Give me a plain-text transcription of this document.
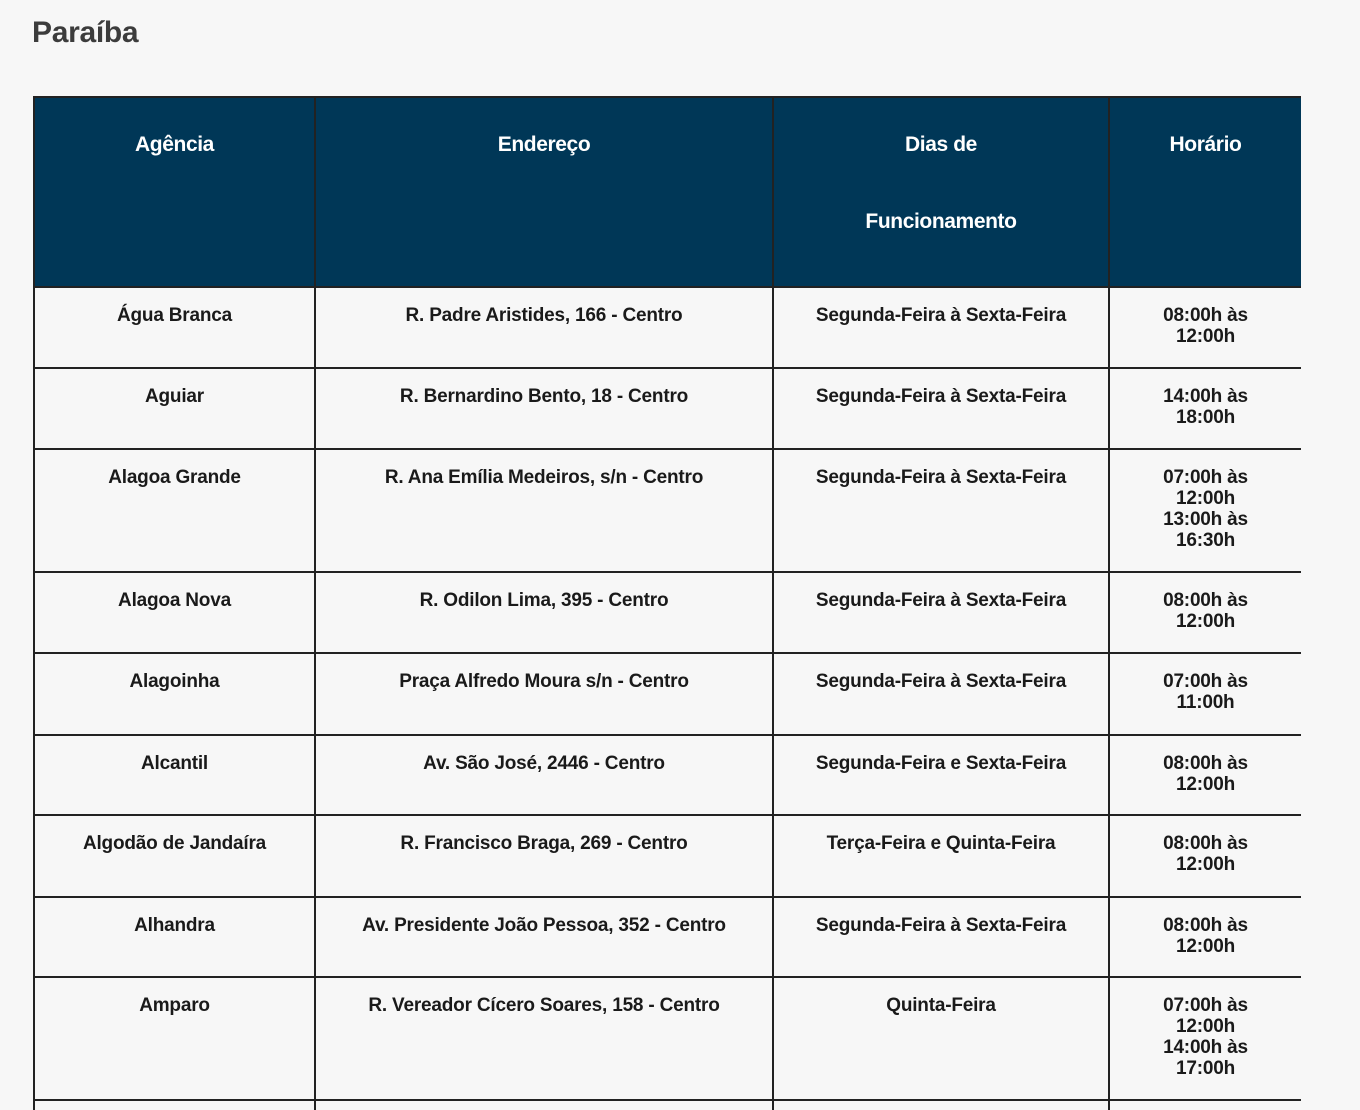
Paraíba
Agência	Endereço	Dias de
Funcionamento	Horário

Água Branca	R. Padre Aristides, 166 - Centro	Segunda-Feira à Sexta-Feira	08:00h às
12:00h

Aguiar	R. Bernardino Bento, 18 - Centro	Segunda-Feira à Sexta-Feira	14:00h às
18:00h

Alagoa Grande	R. Ana Emília Medeiros, s/n - Centro	Segunda-Feira à Sexta-Feira	07:00h às
12:00h
13:00h às
16:30h

Alagoa Nova	R. Odilon Lima, 395 - Centro	Segunda-Feira à Sexta-Feira	08:00h às
12:00h

Alagoinha	Praça Alfredo Moura s/n - Centro	Segunda-Feira à Sexta-Feira	07:00h às
11:00h

Alcantil	Av. São José, 2446 - Centro	Segunda-Feira e Sexta-Feira	08:00h às
12:00h

Algodão de Jandaíra	R. Francisco Braga, 269 - Centro	Terça-Feira e Quinta-Feira	08:00h às
12:00h

Alhandra	Av. Presidente João Pessoa, 352 - Centro	Segunda-Feira à Sexta-Feira	08:00h às
12:00h

Amparo	R. Vereador Cícero Soares, 158 - Centro	Quinta-Feira	07:00h às
12:00h
14:00h às
17:00h
